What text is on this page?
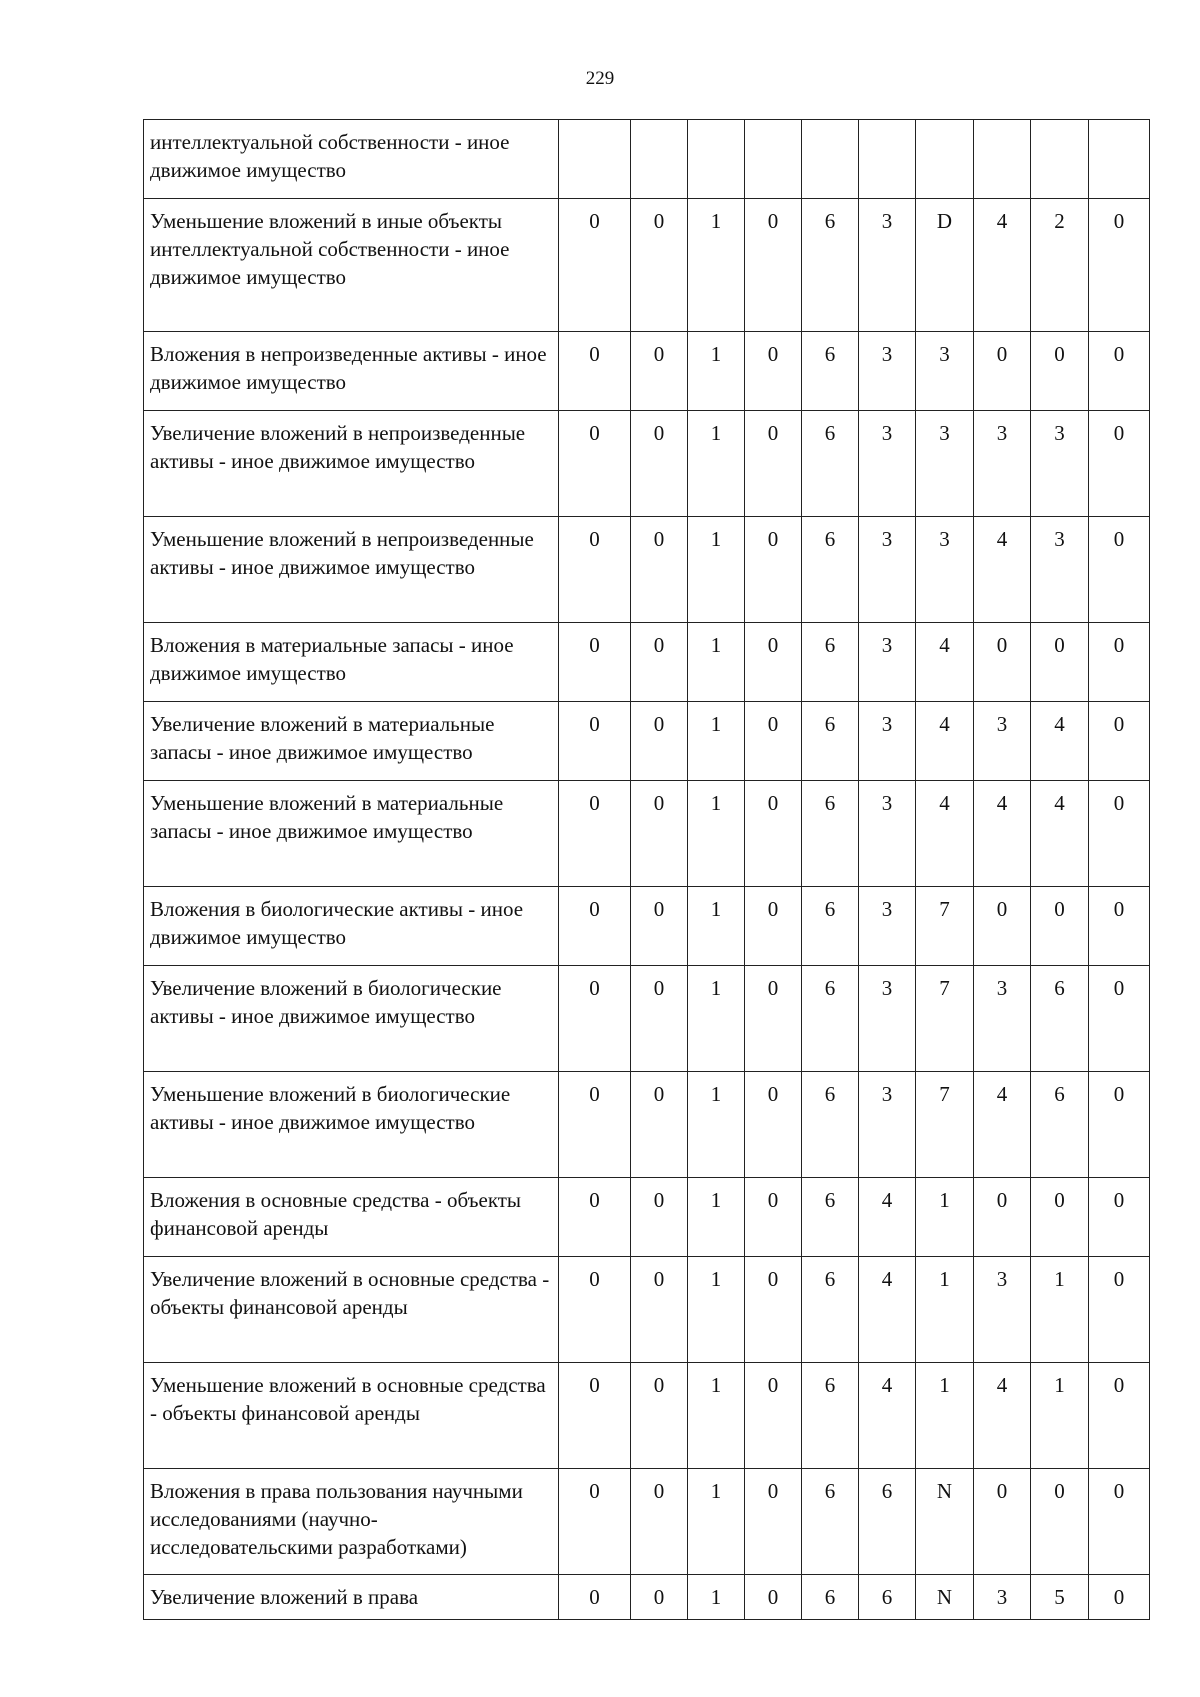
229
интеллектуальной собственности - иное движимое имущество										
Уменьшение вложений в иные объекты интеллектуальной собственности - иное движимое имущество	0	0	1	0	6	3	D	4	2	0
Вложения в непроизведенные активы - иное движимое имущество	0	0	1	0	6	3	3	0	0	0
Увеличение вложений в непроизведенные активы - иное движимое имущество	0	0	1	0	6	3	3	3	3	0
Уменьшение вложений в непроизведенные активы - иное движимое имущество	0	0	1	0	6	3	3	4	3	0
Вложения в материальные запасы - иное движимое имущество	0	0	1	0	6	3	4	0	0	0
Увеличение вложений в материальные запасы - иное движимое имущество	0	0	1	0	6	3	4	3	4	0
Уменьшение вложений в материальные запасы - иное движимое имущество	0	0	1	0	6	3	4	4	4	0
Вложения в биологические активы - иное движимое имущество	0	0	1	0	6	3	7	0	0	0
Увеличение вложений в биологические активы - иное движимое имущество	0	0	1	0	6	3	7	3	6	0
Уменьшение вложений в биологические активы - иное движимое имущество	0	0	1	0	6	3	7	4	6	0
Вложения в основные средства - объекты финансовой аренды	0	0	1	0	6	4	1	0	0	0
Увеличение вложений в основные средства - объекты финансовой аренды	0	0	1	0	6	4	1	3	1	0
Уменьшение вложений в основные средства - объекты финансовой аренды	0	0	1	0	6	4	1	4	1	0
Вложения в права пользования научными исследованиями (научно-исследовательскими разработками)	0	0	1	0	6	6	N	0	0	0
Увеличение вложений в права	0	0	1	0	6	6	N	3	5	0
